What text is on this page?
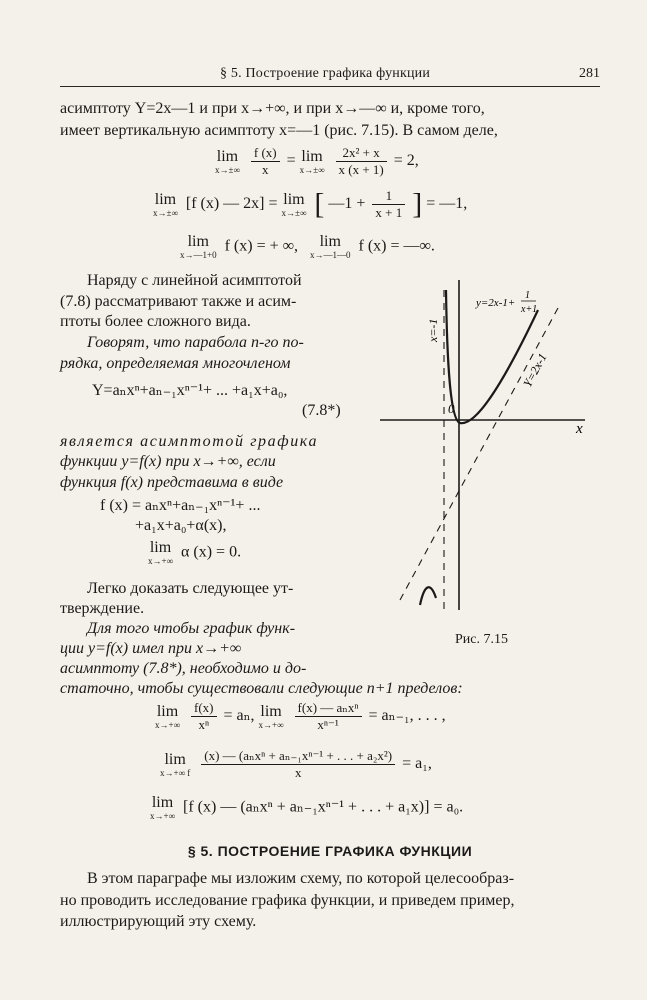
§ 5. Построение графика функции	281
асимптоту Y=2x—1 и при x→+∞, и при x→—∞ и, кроме того,
имеет вертикальную асимптоту x=—1 (рис. 7.15). В самом деле,
lim
x→±∞
$\frac{f (x)}{x} = \lim$
x→±∞
$\frac{\text{2x² + x}}{x (x + 1)} = 2$,
lim
x→±∞
[f (x) — 2x] = lim
x→±∞ [ —1 + $\frac{1}{x + 1}$ ] = —1,
lim
x→—1+0
f (x) = + ∞,	lim
x→—1—0
f (x) = —∞.
Наряду с линейной асимптотой
(7.8) рассматривают также и асим-
птоты более сложного вида.
Говорят, что парабола n-го по-
рядка, определяемая многочленом
Y=aₙxⁿ+aₙ₋₁xⁿ⁻¹+ ... +a₁x+a₀,
(7.8*)
является асимптотой графика
функции y=f(x) при x→+∞, если
функция f(x) представима в виде
f (x) = aₙxⁿ+aₙ₋₁xⁿ⁻¹+ ...
+a₁x+a₀+α(x),
lim
x→+∞
α (x) = 0.
Легко доказать следующее ут-
тверждение.
Для того чтобы график функ-
ции y=f(x) имел при x→+∞
x
0
x=-1
Y=2x-1
y=2x-1+
1
x+1
Рис. 7.15
асимптоту (7.8*), необходимо и до-
статочно, чтобы существовали следующие n+1 пределов:
lim
x→+∞
$\frac{f(x)}{\text{xⁿ}} = a_n$, lim
x→+∞
$\frac{\text{f(x) — aₙxⁿ}}{\text{xⁿ⁻¹}} = a_{n-1}$, . . . ,
lim
x→+∞ f
$\frac{\text{(x) — (aₙxⁿ + aₙ₋₁xⁿ⁻¹ + . . . + a₂x²)}}{x} = a_1$,
lim
x→+∞
[f (x) — (aₙxⁿ + aₙ₋₁xⁿ⁻¹ + . . . + a₁x)] = a₀.
§ 5. ПОСТРОЕНИЕ ГРАФИКА ФУНКЦИИ
В этом параграфе мы изложим схему, по которой целесообраз-
но проводить исследование графика функции, и приведем пример,
иллюстрирующий эту схему.
